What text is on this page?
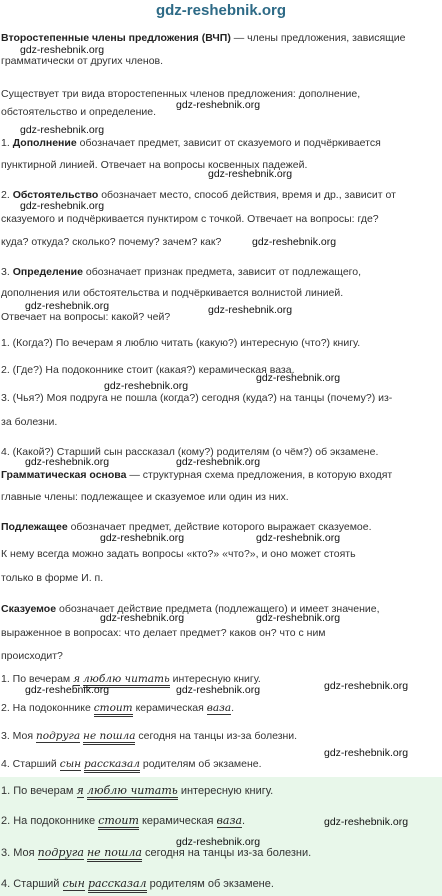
gdz-reshebnik.org
Второстепенные члены предложения (ВЧП) — члены предложения, зависящие
грамматически от других членов.
Существует три вида второстепенных членов предложения: дополнение,
обстоятельство и определение.
1. Дополнение обозначает предмет, зависит от сказуемого и подчёркивается
пунктирной линией. Отвечает на вопросы косвенных падежей.
2. Обстоятельство обозначает место, способ действия, время и др., зависит от
сказуемого и подчёркивается пунктиром с точкой. Отвечает на вопросы: где?
куда? откуда? сколько? почему? зачем? как?
3. Определение обозначает признак предмета, зависит от подлежащего,
дополнения или обстоятельства и подчёркивается волнистой линией.
Отвечает на вопросы: какой? чей?
1. (Когда?) По вечерам я люблю читать (какую?) интересную (что?) книгу.
2. (Где?) На подоконнике стоит (какая?) керамическая ваза.
3. (Чья?) Моя подруга не пошла (когда?) сегодня (куда?) на танцы (почему?) из-
за болезни.
4. (Какой?) Старший сын рассказал (кому?) родителям (о чём?) об экзамене.
Грамматическая основа — структурная схема предложения, в которую входят
главные члены: подлежащее и сказуемое или один из них.
Подлежащее обозначает предмет, действие которого выражает сказуемое.
К нему всегда можно задать вопросы «кто?» «что?», и оно может стоять
только в форме И. п.
Сказуемое обозначает действие предмета (подлежащего) и имеет значение,
выраженное в вопросах: что делает предмет? каков он? что с ним
происходит?
1. По вечерам я люблю читать интересную книгу.
2. На подоконнике стоит керамическая ваза.
3. Моя подруга не пошла сегодня на танцы из-за болезни.
4. Старший сын рассказал родителям об экзамене.
1. По вечерам я люблю читать интересную книгу.
2. На подоконнике стоит керамическая ваза.
3. Моя подруга не пошла сегодня на танцы из-за болезни.
4. Старший сын рассказал родителям об экзамене.
gdz-reshebnik.org
gdz-reshebnik.org
gdz-reshebnik.org
gdz-reshebnik.org
gdz-reshebnik.org
gdz-reshebnik.org
gdz-reshebnik.org	gdz-reshebnik.org
gdz-reshebnik.org
gdz-reshebnik.org
gdz-reshebnik.org	gdz-reshebnik.org
gdz-reshebnik.org	gdz-reshebnik.org
gdz-reshebnik.org	gdz-reshebnik.org
gdz-reshebnik.org	gdz-reshebnik.org	gdz-reshebnik.org
gdz-reshebnik.org
gdz-reshebnik.org
gdz-reshebnik.org
